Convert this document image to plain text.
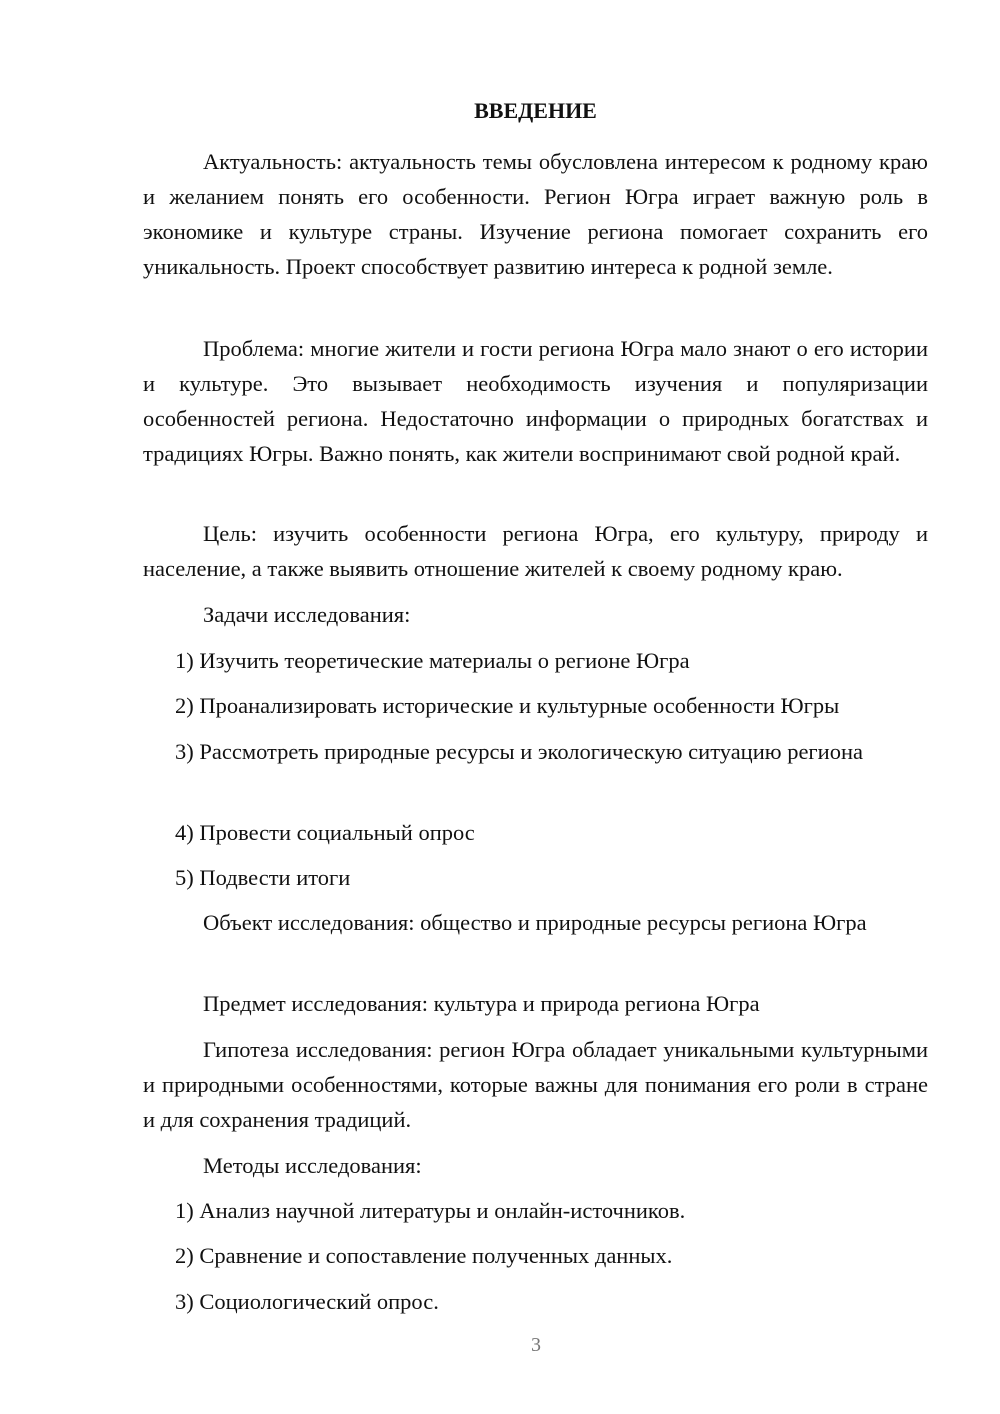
ВВЕДЕНИЕ

Актуальность: актуальность темы обусловлена интересом к родному краю и желанием понять его особенности. Регион Югра играет важную роль в экономике и культуре страны. Изучение региона помогает сохранить его уникальность. Проект способствует развитию интереса к родной земле.

Проблема: многие жители и гости региона Югра мало знают о его истории и культуре. Это вызывает необходимость изучения и популяризации особенностей региона. Недостаточно информации о природных богатствах и традициях Югры. Важно понять, как жители воспринимают свой родной край.

Цель: изучить особенности региона Югра, его культуру, природу и население, а также выявить отношение жителей к своему родному краю.

Задачи исследования:

1) Изучить теоретические материалы о регионе Югра

2) Проанализировать исторические и культурные особенности Югры

3) Рассмотреть природные ресурсы и экологическую ситуацию региона

4) Провести социальный опрос

5) Подвести итоги

Объект исследования: общество и природные ресурсы региона Югра

Предмет исследования: культура и природа региона Югра

Гипотеза исследования: регион Югра обладает уникальными культурными и природными особенностями, которые важны для понимания его роли в стране и для сохранения традиций.

Методы исследования:

1) Анализ научной литературы и онлайн-источников.

2) Сравнение и сопоставление полученных данных.

3) Социологический опрос.

3
